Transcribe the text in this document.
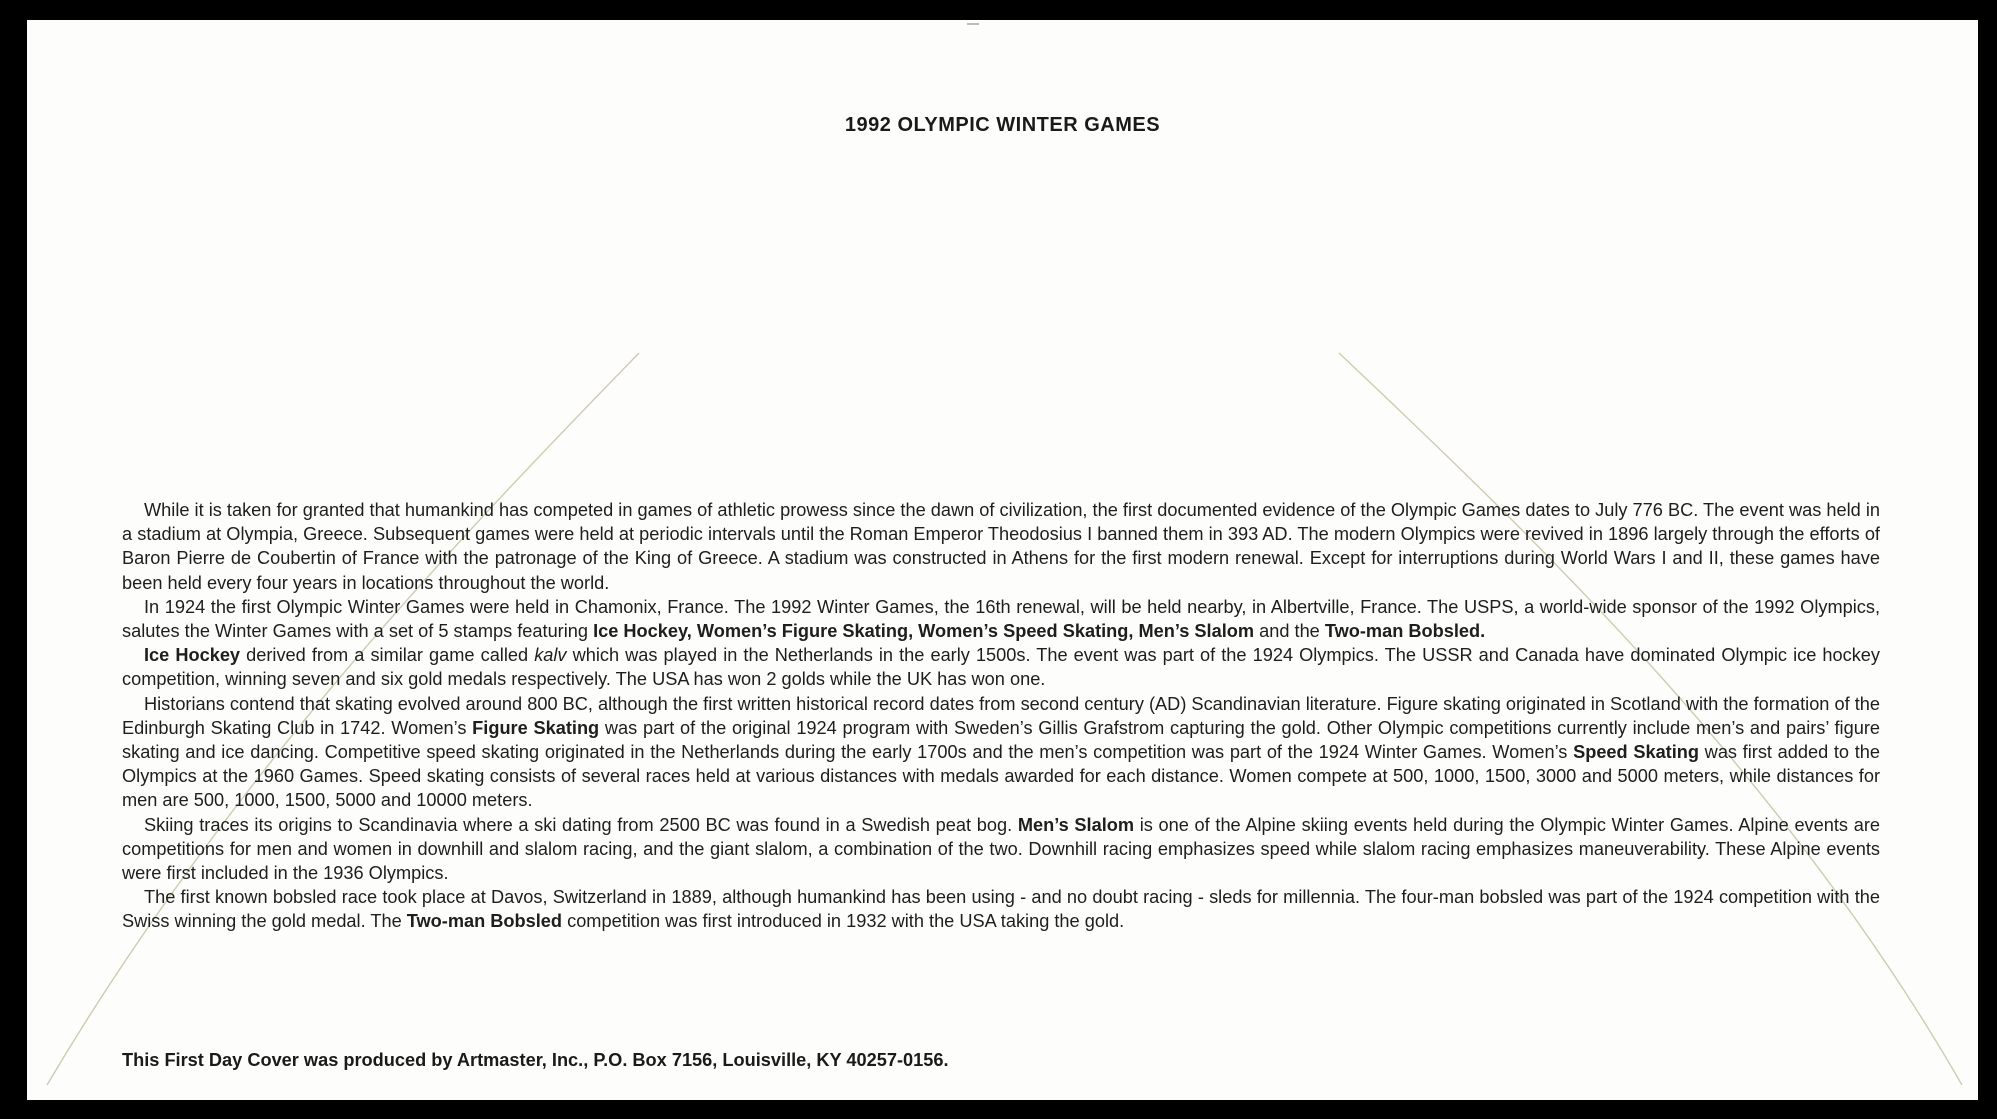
1992 OLYMPIC WINTER GAMES

While it is taken for granted that humankind has competed in games of athletic prowess since the dawn of civilization, the first documented evidence of the Olympic Games dates to July 776 BC. The event was held in a stadium at Olympia, Greece. Subsequent games were held at periodic intervals until the Roman Emperor Theodosius I banned them in 393 AD. The modern Olympics were revived in 1896 largely through the efforts of Baron Pierre de Coubertin of France with the patronage of the King of Greece. A stadium was constructed in Athens for the first modern renewal. Except for interruptions during World Wars I and II, these games have been held every four years in locations throughout the world.

In 1924 the first Olympic Winter Games were held in Chamonix, France. The 1992 Winter Games, the 16th renewal, will be held nearby, in Albertville, France. The USPS, a world-wide sponsor of the 1992 Olympics, salutes the Winter Games with a set of 5 stamps featuring Ice Hockey, Women’s Figure Skating, Women’s Speed Skating, Men’s Slalom and the Two-man Bobsled.

Ice Hockey derived from a similar game called kalv which was played in the Netherlands in the early 1500s. The event was part of the 1924 Olympics. The USSR and Canada have dominated Olympic ice hockey competition, winning seven and six gold medals respectively. The USA has won 2 golds while the UK has won one.

Historians contend that skating evolved around 800 BC, although the first written historical record dates from second century (AD) Scandinavian literature. Figure skating originated in Scotland with the formation of the Edinburgh Skating Club in 1742. Women’s Figure Skating was part of the original 1924 program with Sweden’s Gillis Grafstrom capturing the gold. Other Olympic competitions currently include men’s and pairs’ figure skating and ice dancing. Competitive speed skating originated in the Netherlands during the early 1700s and the men’s competition was part of the 1924 Winter Games. Women’s Speed Skating was first added to the Olympics at the 1960 Games. Speed skating consists of several races held at various distances with medals awarded for each distance. Women compete at 500, 1000, 1500, 3000 and 5000 meters, while distances for men are 500, 1000, 1500, 5000 and 10000 meters.

Skiing traces its origins to Scandinavia where a ski dating from 2500 BC was found in a Swedish peat bog. Men’s Slalom is one of the Alpine skiing events held during the Olympic Winter Games. Alpine events are competitions for men and women in downhill and slalom racing, and the giant slalom, a combination of the two. Downhill racing emphasizes speed while slalom racing emphasizes maneuverability. These Alpine events were first included in the 1936 Olympics.

The first known bobsled race took place at Davos, Switzerland in 1889, although humankind has been using - and no doubt racing - sleds for millennia. The four-man bobsled was part of the 1924 competition with the Swiss winning the gold medal. The Two-man Bobsled competition was first introduced in 1932 with the USA taking the gold.

This First Day Cover was produced by Artmaster, Inc., P.O. Box 7156, Louisville, KY 40257-0156.
